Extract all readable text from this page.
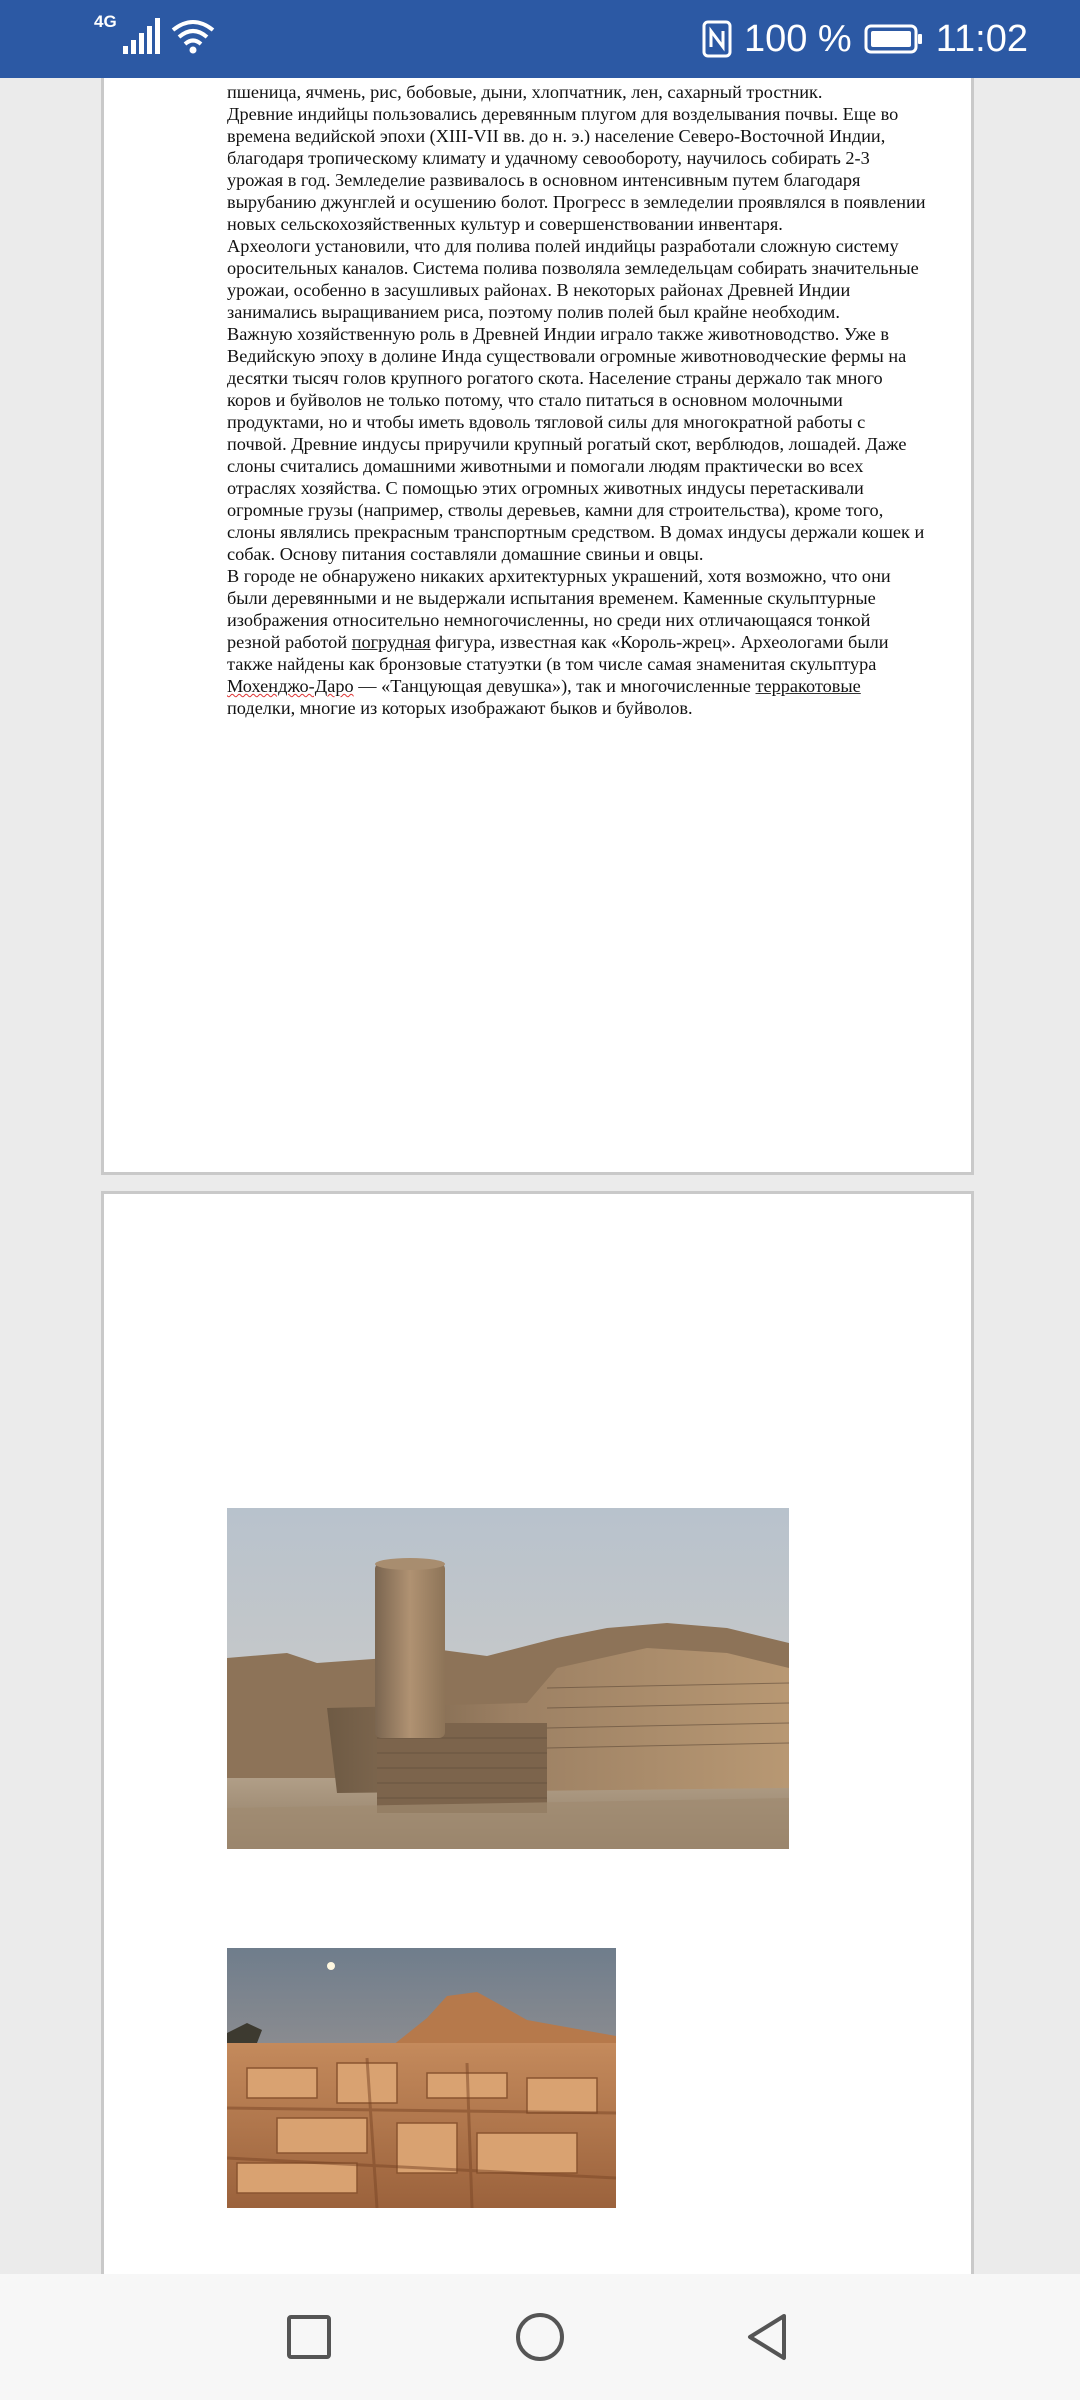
4G	100 % 11:02

пшеница, ячмень, рис, бобовые, дыни, хлопчатник, лен, сахарный тростник.

Древние индийцы пользовались деревянным плугом для возделывания почвы. Еще во времена ведийской эпохи (XIII-VII вв. до н. э.) население Северо-Восточной Индии, благодаря тропическому климату и удачному севообороту, научилось собирать 2-3 урожая в год. Земледелие развивалось в основном интенсивным путем благодаря вырубанию джунглей и осушению болот. Прогресс в земледелии проявлялся в появлении новых сельскохозяйственных культур и совершенствовании инвентаря.

Археологи установили, что для полива полей индийцы разработали сложную систему оросительных каналов. Система полива позволяла земледельцам собирать значительные урожаи, особенно в засушливых районах. В некоторых районах Древней Индии занимались выращиванием риса, поэтому полив полей был крайне необходим.

Важную хозяйственную роль в Древней Индии играло также животноводство. Уже в Ведийскую эпоху в долине Инда существовали огромные животноводческие фермы на десятки тысяч голов крупного рогатого скота. Население страны держало так много коров и буйволов не только потому, что стало питаться в основном молочными продуктами, но и чтобы иметь вдоволь тягловой силы для многократной работы с почвой. Древние индусы приручили крупный рогатый скот, верблюдов, лошадей. Даже слоны считались домашними животными и помогали людям практически во всех отраслях хозяйства. С помощью этих огромных животных индусы перетаскивали огромные грузы (например, стволы деревьев, камни для строительства), кроме того, слоны являлись прекрасным транспортным средством. В домах индусы держали кошек и собак. Основу питания составляли домашние свиньи и овцы.

В городе не обнаружено никаких архитектурных украшений, хотя возможно, что они были деревянными и не выдержали испытания временем. Каменные скульптурные изображения относительно немногочисленны, но среди них отличающаяся тонкой резной работой погрудная фигура, известная как «Король-жрец». Археологами были также найдены как бронзовые статуэтки (в том числе самая знаменитая скульптура Мохенджо-Даро — «Танцующая девушка»), так и многочисленные терракотовые поделки, многие из которых изображают быков и буйволов.
